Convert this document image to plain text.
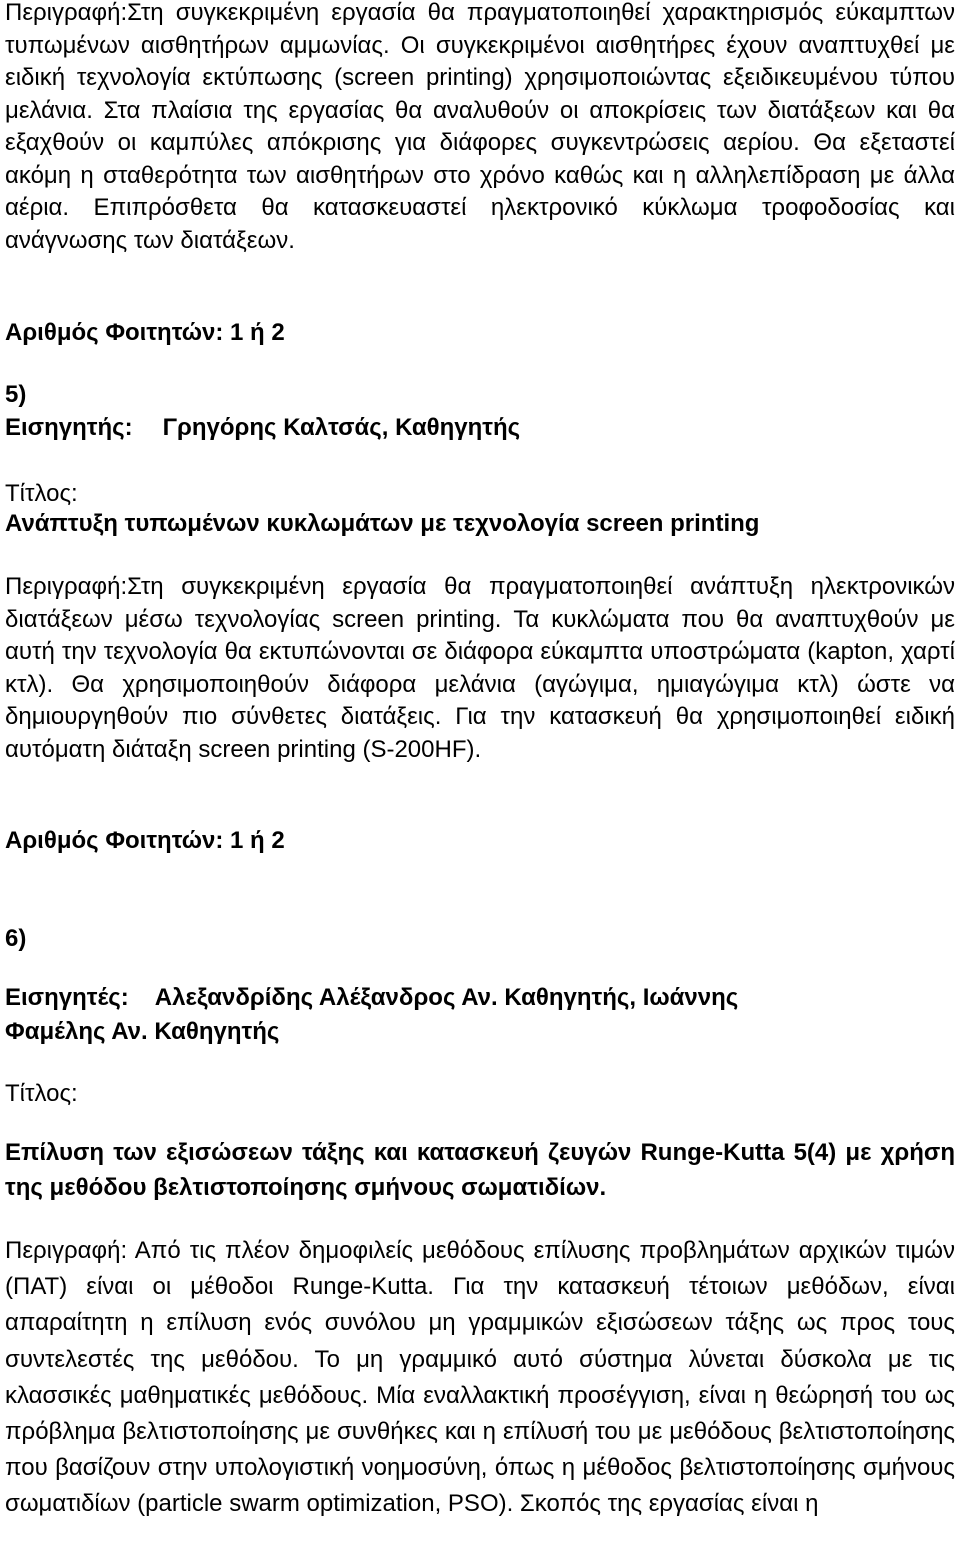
Περιγραφή:Στη συγκεκριμένη εργασία θα πραγματοποιηθεί χαρακτηρισμός εύκαμπτων τυπωμένων αισθητήρων αμμωνίας. Οι συγκεκριμένοι αισθητήρες έχουν αναπτυχθεί με ειδική τεχνολογία εκτύπωσης (screen printing) χρησιμοποιώντας εξειδικευμένου τύπου μελάνια. Στα πλαίσια της εργασίας θα αναλυθούν οι αποκρίσεις των διατάξεων και θα εξαχθούν οι καμπύλες απόκρισης για διάφορες συγκεντρώσεις αερίου. Θα εξεταστεί ακόμη η σταθερότητα των αισθητήρων στο χρόνο καθώς και η αλληλεπίδραση με άλλα αέρια. Επιπρόσθετα θα κατασκευαστεί ηλεκτρονικό κύκλωμα τροφοδοσίας και ανάγνωσης των διατάξεων.

Αριθμός Φοιτητών: 1 ή 2
5)
Εισηγητής: Γρηγόρης Καλτσάς, Καθηγητής
Τίτλος:
Ανάπτυξη τυπωμένων κυκλωμάτων με τεχνολογία screen printing

Περιγραφή:Στη συγκεκριμένη εργασία θα πραγματοποιηθεί ανάπτυξη ηλεκτρονικών διατάξεων μέσω τεχνολογίας screen printing. Τα κυκλώματα που θα αναπτυχθούν με αυτή την τεχνολογία θα εκτυπώνονται σε διάφορα εύκαμπτα υποστρώματα (kapton, χαρτί κτλ). Θα χρησιμοποιηθούν διάφορα μελάνια (αγώγιμα, ημιαγώγιμα κτλ) ώστε να δημιουργηθούν πιο σύνθετες διατάξεις. Για την κατασκευή θα χρησιμοποιηθεί ειδική αυτόματη διάταξη screen printing (S-200HF).

Αριθμός Φοιτητών: 1 ή 2
6)
Εισηγητές: Αλεξανδρίδης Αλέξανδρος Αν. Καθηγητής, Ιωάννης
Φαμέλης Αν. Καθηγητής
Τίτλος:

Επίλυση των εξισώσεων τάξης και κατασκευή ζευγών Runge-Kutta 5(4) με χρήση της μεθόδου βελτιστοποίησης σμήνους σωματιδίων.

Περιγραφή: Από τις πλέον δημοφιλείς μεθόδους επίλυσης προβλημάτων αρχικών τιμών (ΠΑΤ) είναι οι μέθοδοι Runge-Kutta. Για την κατασκευή τέτοιων μεθόδων, είναι απαραίτητη η επίλυση ενός συνόλου μη γραμμικών εξισώσεων τάξης ως προς τους συντελεστές της μεθόδου. Το μη γραμμικό αυτό σύστημα λύνεται δύσκολα με τις κλασσικές μαθηματικές μεθόδους. Μία εναλλακτική προσέγγιση, είναι η θεώρησή του ως πρόβλημα βελτιστοποίησης με συνθήκες και η επίλυσή του με μεθόδους βελτιστοποίησης που βασίζουν στην υπολογιστική νοημοσύνη, όπως η μέθοδος βελτιστοποίησης σμήνους σωματιδίων (particle swarm optimization, PSO). Σκοπός της εργασίας είναι η
